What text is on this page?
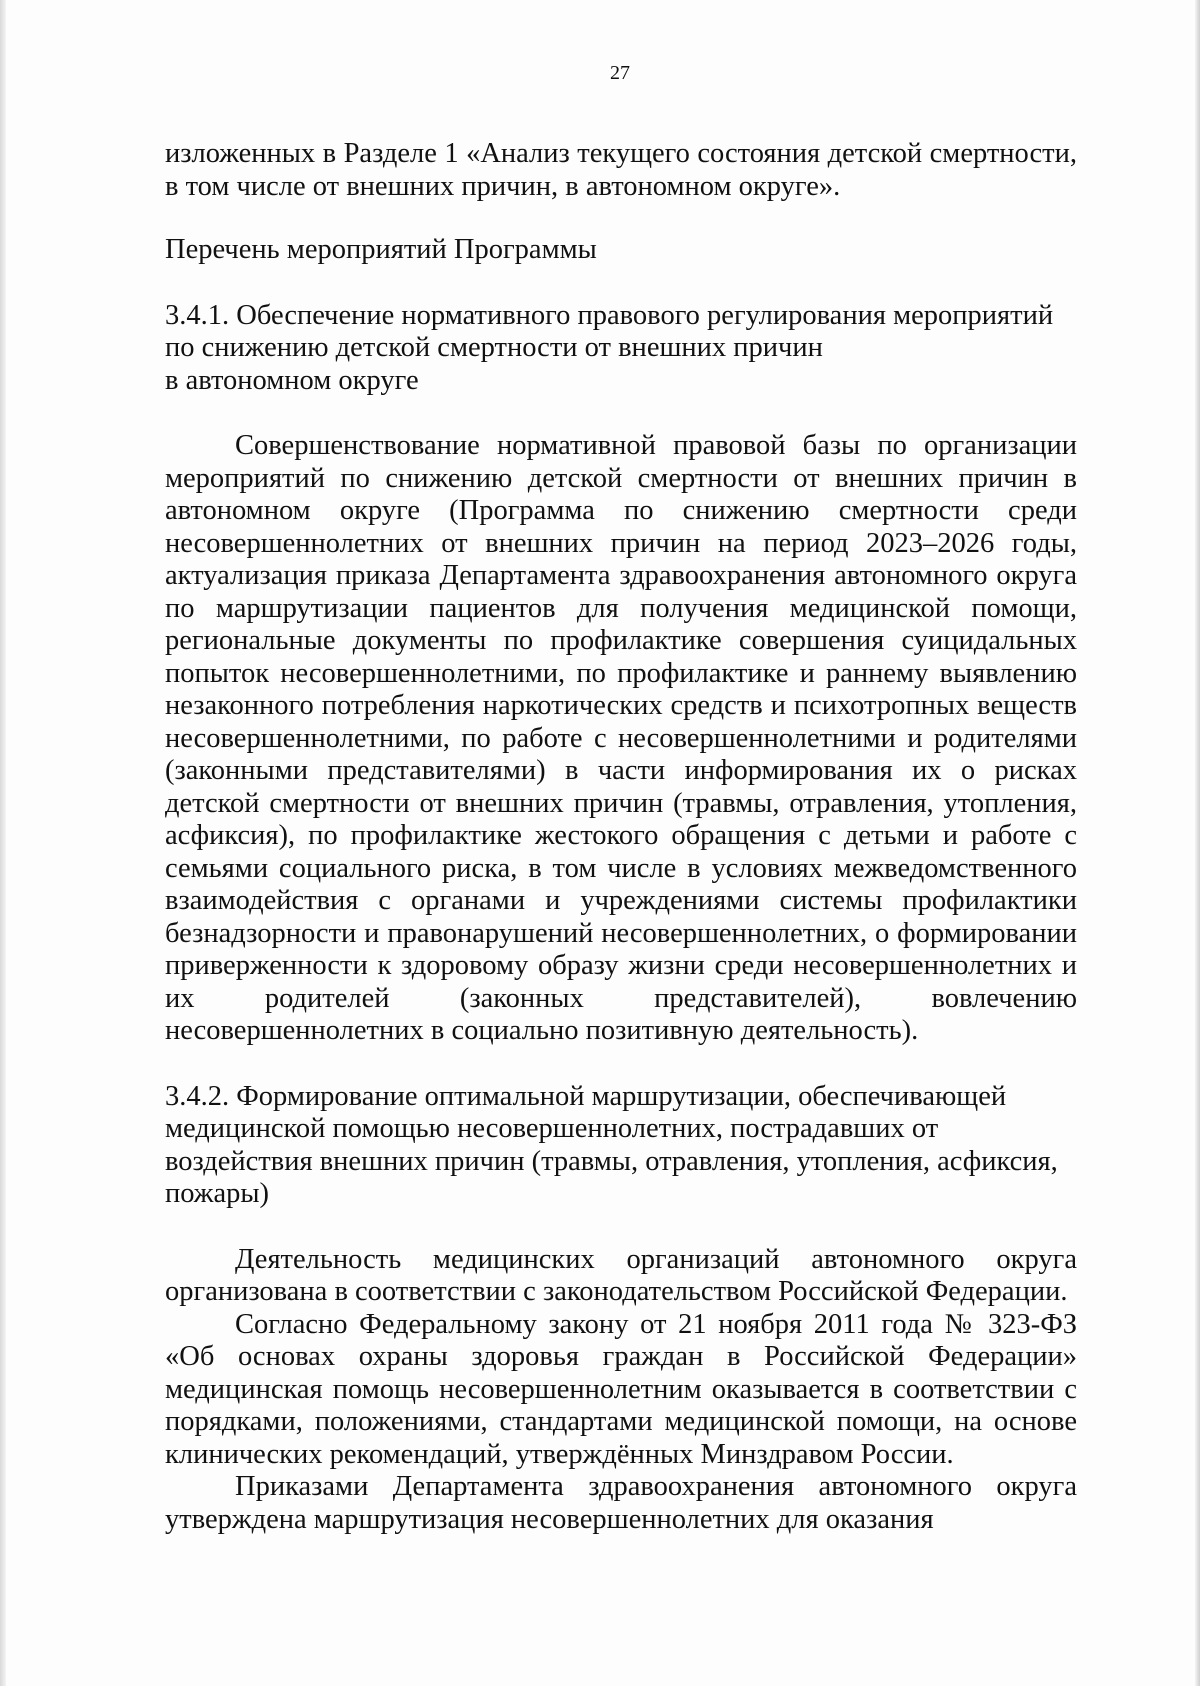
27

изложенных в Разделе 1 «Анализ текущего состояния детской смертности, в том числе от внешних причин, в автономном округе».

Перечень мероприятий Программы

3.4.1. Обеспечение нормативного правового регулирования мероприятий

по снижению детской смертности от внешних причин

в автономном округе

Совершенствование нормативной правовой базы по организации мероприятий по снижению детской смертности от внешних причин в автономном округе (Программа по снижению смертности среди несовершеннолетних от внешних причин на период 2023–2026 годы, актуализация приказа Департамента здравоохранения автономного округа по маршрутизации пациентов для получения медицинской помощи, региональные документы по профилактике совершения суицидальных попыток несовершеннолетними, по профилактике и раннему выявлению незаконного потребления наркотических средств и психотропных веществ несовершеннолетними, по работе с несовершеннолетними и родителями (законными представителями) в части информирования их о рисках детской смертности от внешних причин (травмы, отравления, утопления, асфиксия), по профилактике жестокого обращения с детьми и работе с семьями социального риска, в том числе в условиях межведомственного взаимодействия с органами и учреждениями системы профилактики безнадзорности и правонарушений несовершеннолетних, о формировании приверженности к здоровому образу жизни среди несовершеннолетних и их родителей (законных представителей), вовлечению несовершеннолетних в социально позитивную деятельность).

3.4.2. Формирование оптимальной маршрутизации, обеспечивающей

медицинской помощью несовершеннолетних, пострадавших от

воздействия внешних причин (травмы, отравления, утопления, асфиксия,

пожары)

Деятельность медицинских организаций автономного округа организована в соответствии с законодательством Российской Федерации.

Согласно Федеральному закону от 21 ноября 2011 года № 323-ФЗ «Об основах охраны здоровья граждан в Российской Федерации» медицинская помощь несовершеннолетним оказывается в соответствии с порядками, положениями, стандартами медицинской помощи, на основе клинических рекомендаций, утверждённых Минздравом России.

Приказами Департамента здравоохранения автономного округа утверждена маршрутизация несовершеннолетних для оказания
